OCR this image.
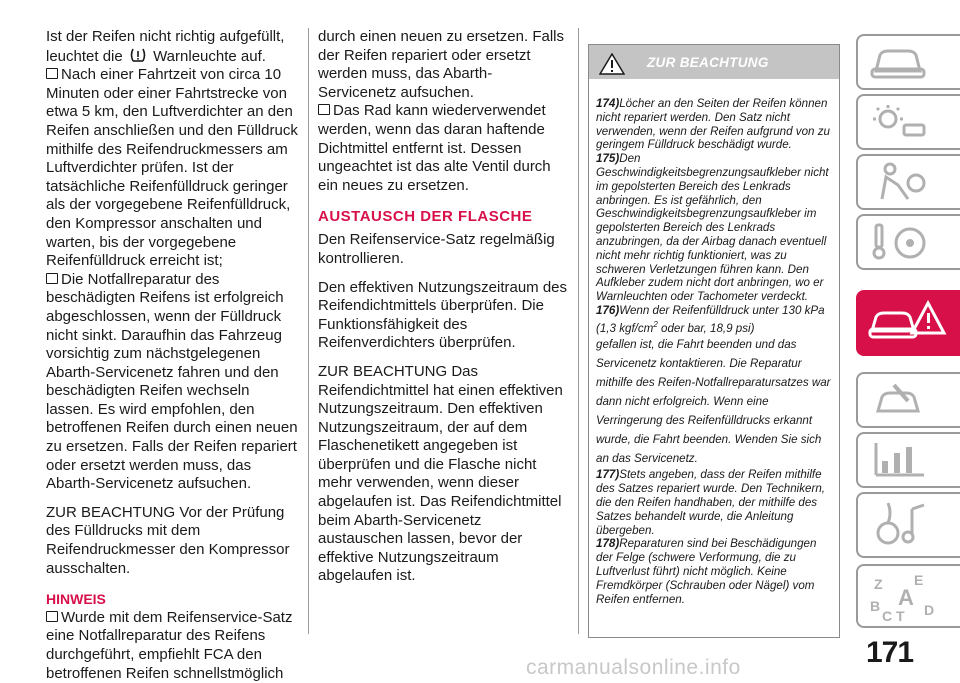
Ist der Reifen nicht richtig aufgefüllt, leuchtet die Warnleuchte auf.

Nach einer Fahrtzeit von circa 10 Minuten oder einer Fahrtstrecke von etwa 5 km, den Luftverdichter an den Reifen anschließen und den Fülldruck mithilfe des Reifendruckmessers am Luftverdichter prüfen. Ist der tatsächliche Reifenfülldruck geringer als der vorgegebene Reifenfülldruck, den Kompressor anschalten und warten, bis der vorgegebene Reifenfülldruck erreicht ist;

Die Notfallreparatur des beschädigten Reifens ist erfolgreich abgeschlossen, wenn der Fülldruck nicht sinkt. Daraufhin das Fahrzeug vorsichtig zum nächstgelegenen Abarth-Servicenetz fahren und den beschädigten Reifen wechseln lassen. Es wird empfohlen, den betroffenen Reifen durch einen neuen zu ersetzen. Falls der Reifen repariert oder ersetzt werden muss, das Abarth-Servicenetz aufsuchen.

ZUR BEACHTUNG Vor der Prüfung des Fülldrucks mit dem Reifendruckmesser den Kompressor ausschalten.

HINWEIS

Wurde mit dem Reifenservice-Satz eine Notfallreparatur des Reifens durchgeführt, empfiehlt FCA den betroffenen Reifen schnellstmöglich

durch einen neuen zu ersetzen. Falls der Reifen repariert oder ersetzt werden muss, das Abarth-Servicenetz aufsuchen.

Das Rad kann wiederverwendet werden, wenn das daran haftende Dichtmittel entfernt ist. Dessen ungeachtet ist das alte Ventil durch ein neues zu ersetzen.

AUSTAUSCH DER FLASCHE

Den Reifenservice-Satz regelmäßig kontrollieren.

Den effektiven Nutzungszeitraum des Reifendichtmittels überprüfen. Die Funktionsfähigkeit des Reifenverdichters überprüfen.

ZUR BEACHTUNG Das Reifendichtmittel hat einen effektiven Nutzungszeitraum. Den effektiven Nutzungszeitraum, der auf dem Flaschenetikett angegeben ist überprüfen und die Flasche nicht mehr verwenden, wenn dieser abgelaufen ist. Das Reifendichtmittel beim Abarth-Servicenetz austauschen lassen, bevor der effektive Nutzungszeitraum abgelaufen ist.

ZUR BEACHTUNG
174)Löcher an den Seiten der Reifen können nicht repariert werden. Den Satz nicht verwenden, wenn der Reifen aufgrund von zu geringem Fülldruck beschädigt wurde.
175)Den Geschwindigkeitsbegrenzungsaufkleber nicht im gepolsterten Bereich des Lenkrads anbringen. Es ist gefährlich, den Geschwindigkeitsbegrenzungsaufkleber im gepolsterten Bereich des Lenkrads anzubringen, da der Airbag danach eventuell nicht mehr richtig funktioniert, was zu schweren Verletzungen führen kann. Den Aufkleber zudem nicht dort anbringen, wo er Warnleuchten oder Tachometer verdeckt.
176)Wenn der Reifenfülldruck unter 130 kPa (1,3 kgf/$cm^2$ oder bar, 18,9 psi)
gefallen ist, die Fahrt beenden und das Servicenetz kontaktieren. Die Reparatur mithilfe des Reifen-Notfallreparatursatzes war dann nicht erfolgreich. Wenn eine Verringerung des Reifenfülldrucks erkannt wurde, die Fahrt beenden. Wenden Sie sich an das Servicenetz.
177)Stets angeben, dass der Reifen mithilfe des Satzes repariert wurde. Den Technikern, die den Reifen handhaben, der mithilfe des Satzes behandelt wurde, die Anleitung übergeben.
178)Reparaturen sind bei Beschädigungen der Felge (schwere Verformung, die zu Luftverlust führt) nicht möglich. Keine Fremdkörper (Schrauben oder Nägel) vom Reifen entfernen.
Z E
B A
C T D
171
carmanualsonline.info
